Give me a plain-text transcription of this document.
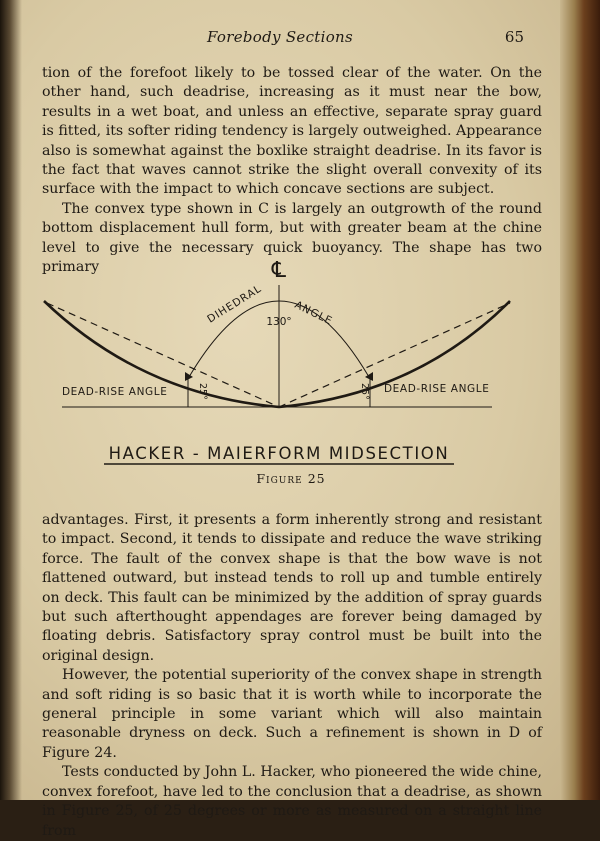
Forebody Sections	65

tion of the forefoot likely to be tossed clear of the water. On the other hand, such deadrise, increasing as it must near the bow, results in a wet boat, and unless an effective, separate spray guard is fitted, its softer riding tendency is largely outweighed. Appearance also is somewhat against the boxlike straight deadrise. In its favor is the fact that waves cannot strike the slight overall convexity of its surface with the impact to which concave sections are subject.

The convex type shown in C is largely an outgrowth of the round bottom displacement hull form, but with greater beam at the chine level to give the necessary quick buoyancy. The shape has two primary	℄
DIHEDRAL	ANGLE
130°
DEAD-RISE ANGLE	25°	DEAD-RISE ANGLE
25°
HACKER - MAIERFORM MIDSECTION
Figure 25

advantages. First, it presents a form inherently strong and resistant to impact. Second, it tends to dissipate and reduce the wave striking force. The fault of the convex shape is that the bow wave is not flattened outward, but instead tends to roll up and tumble entirely on deck. This fault can be minimized by the addition of spray guards but such afterthought appendages are forever being damaged by floating debris. Satisfactory spray control must be built into the original design.

However, the potential superiority of the convex shape in strength and soft riding is so basic that it is worth while to incorporate the general principle in some variant which will also maintain reasonable dryness on deck. Such a refinement is shown in D of Figure 24.

Tests conducted by John L. Hacker, who pioneered the wide chine, convex forefoot, have led to the conclusion that a deadrise, as shown in Figure 25, of 25 degrees or more as measured on a straight line from
